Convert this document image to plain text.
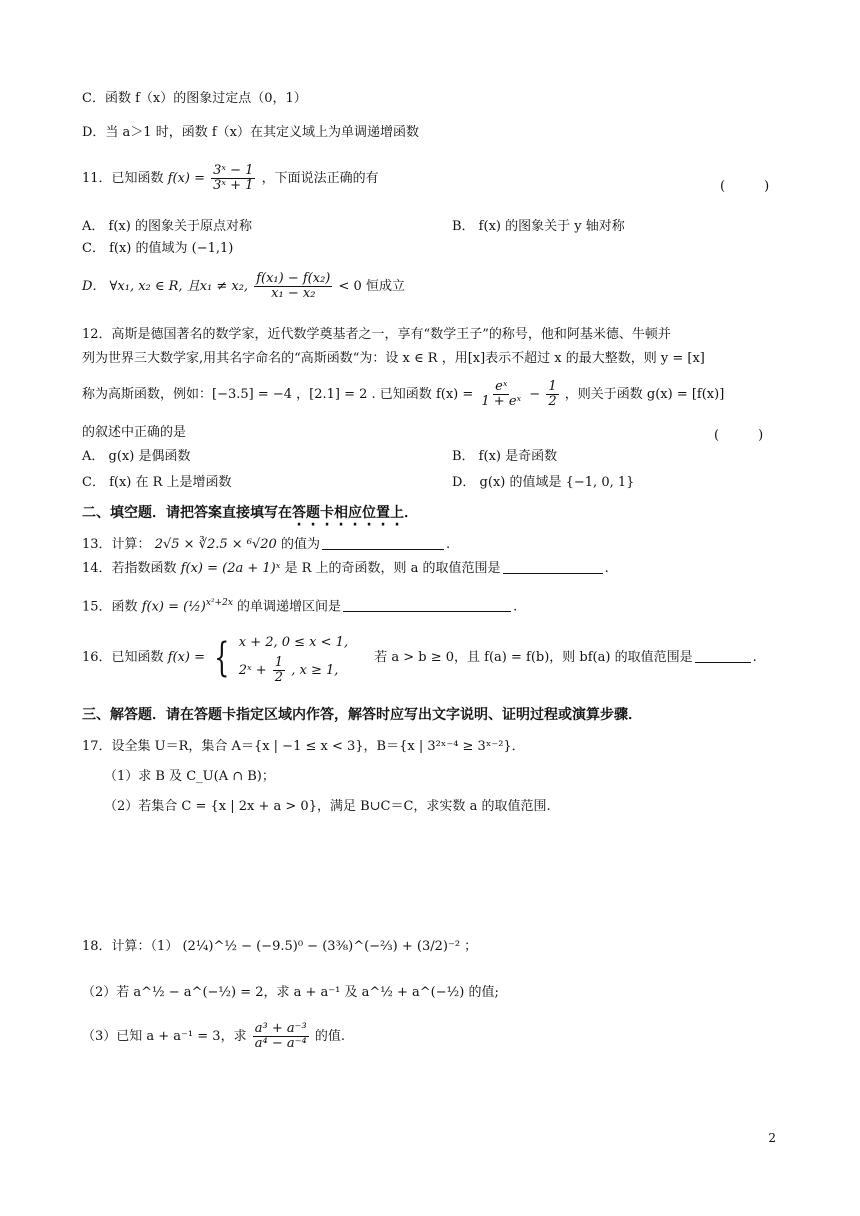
C．函数 f（x）的图象过定点（0，1）
D．当 a＞1 时，函数 f（x）在其定义域上为单调递增函数
11．已知函数 $f(x) = \frac{\text{3ˣ − 1}}{\text{3ˣ + 1}}$ ，下面说法正确的有
(　　　)
A． f(x) 的图象关于原点对称	B． f(x) 的图象关于 y 轴对称
C． f(x) 的值域为 (−1,1)
D． ∀x₁, x₂ ∈ R, 且x₁ ≠ x₂, $\frac{\text{f(x₁) − f(x₂)}}{\text{x₁ − x₂}} < 0$ 恒成立
12．高斯是德国著名的数学家，近代数学奠基者之一，享有“数学王子”的称号，他和阿基米德、牛顿并
列为世界三大数学家,用其名字命名的“高斯函数“为：设 x ∈ R ，用[x]表示不超过 x 的最大整数，则 y = [x]
称为高斯函数，例如：[−3.5] = −4 ，[2.1] = 2 . 已知函数 $f(x) = \frac{\text{eˣ}}{\text{1 + eˣ}} - \frac{1}{2}$ ，则关于函数 g(x) = [f(x)]
的叙述中正确的是	(　　　)
A． g(x) 是偶函数	B． f(x) 是奇函数
C． f(x) 在 R 上是增函数	D． g(x) 的值域是 {−1, 0, 1}
二、填空题．请把答案直接填写在答题卡相应位置上．
13．计算： 2√5 × ∛2.5 × ⁶√20 的值为	.
14．若指数函数 f(x) = (2a + 1)ˣ 是 R 上的奇函数，则 a 的取值范围是	.
15．函数 f(x) = (½)$^{x^2+2x}$ 的单调递增区间是	.
16．已知函数 f(x) = { x + 2, 0 ≤ x < 1,
2ˣ + $\frac{1}{2}$ , x ≥ 1,
若 a > b ≥ 0，且 f(a) = f(b)，则 bf(a) 的取值范围是	.
三、解答题．请在答题卡指定区域内作答，解答时应写出文字说明、证明过程或演算步骤．
17．设全集 U＝R，集合 A＝{x | −1 ≤ x < 3}，B＝{x | 3²ˣ⁻⁴ ≥ 3ˣ⁻²}．
（1）求 B 及 C_U(A ∩ B)；
（2）若集合 C = {x | 2x + a > 0}，满足 B∪C＝C，求实数 a 的取值范围.
18．计算：（1） (2¼)^½ − (−9.5)⁰ − (3⅜)^(−⅔) + (3/2)⁻² ；
（2）若 a^½ − a^(−½) = 2，求 a + a⁻¹ 及 a^½ + a^(−½) 的值;
（3）已知 a + a⁻¹ = 3，求 $\frac{\text{a³ + a⁻³}}{\text{a⁴ − a⁻⁴}}$ 的值.
2
